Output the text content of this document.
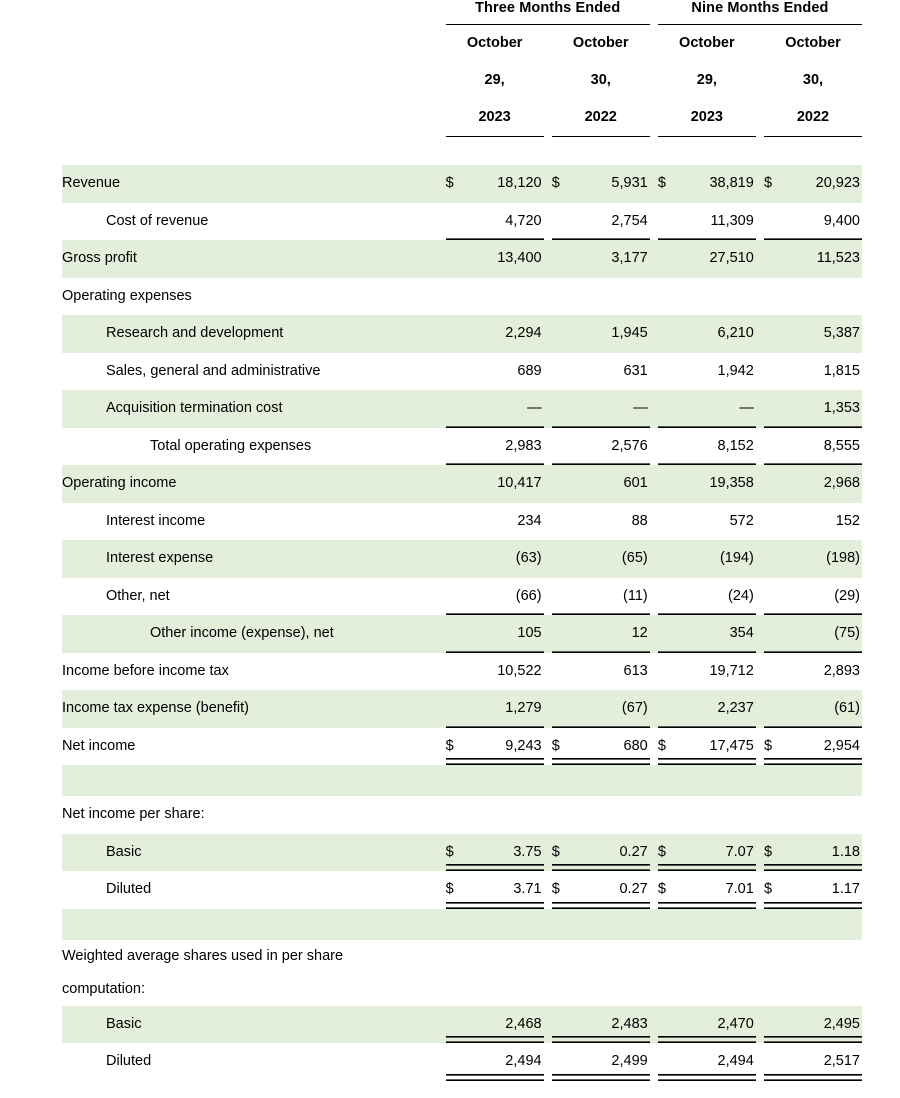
	Three Months Ended						Nine Months Ended				

	October			October			October			October	
	29,			30,			29,			30,	
	2023			2022			2023			2022	

Revenue	$	18,120		$	5,931		$	38,819		$	20,923
Cost of revenue		4,720			2,754			11,309			9,400
Gross profit		13,400			3,177			27,510			11,523
Operating expenses											
Research and development		2,294			1,945			6,210			5,387
Sales, general and administrative		689			631			1,942			1,815
Acquisition termination cost		—			—			—			1,353
Total operating expenses		2,983			2,576			8,152			8,555
Operating income		10,417			601			19,358			2,968
Interest income		234			88			572			152
Interest expense		(63)			(65)			(194)			(198)
Other, net		(66)			(11)			(24)			(29)
Other income (expense), net		105			12			354			(75)
Income before income tax		10,522			613			19,712			2,893
Income tax expense (benefit)		1,279			(67)			2,237			(61)
Net income	$	9,243		$	680		$	17,475		$	2,954

Net income per share:											
Basic	$	3.75		$	0.27		$	7.07		$	1.18
Diluted	$	3.71		$	0.27		$	7.01		$	1.17

Weighted average shares used in per share computation:											
Basic		2,468			2,483			2,470			2,495
Diluted		2,494			2,499			2,494			2,517
